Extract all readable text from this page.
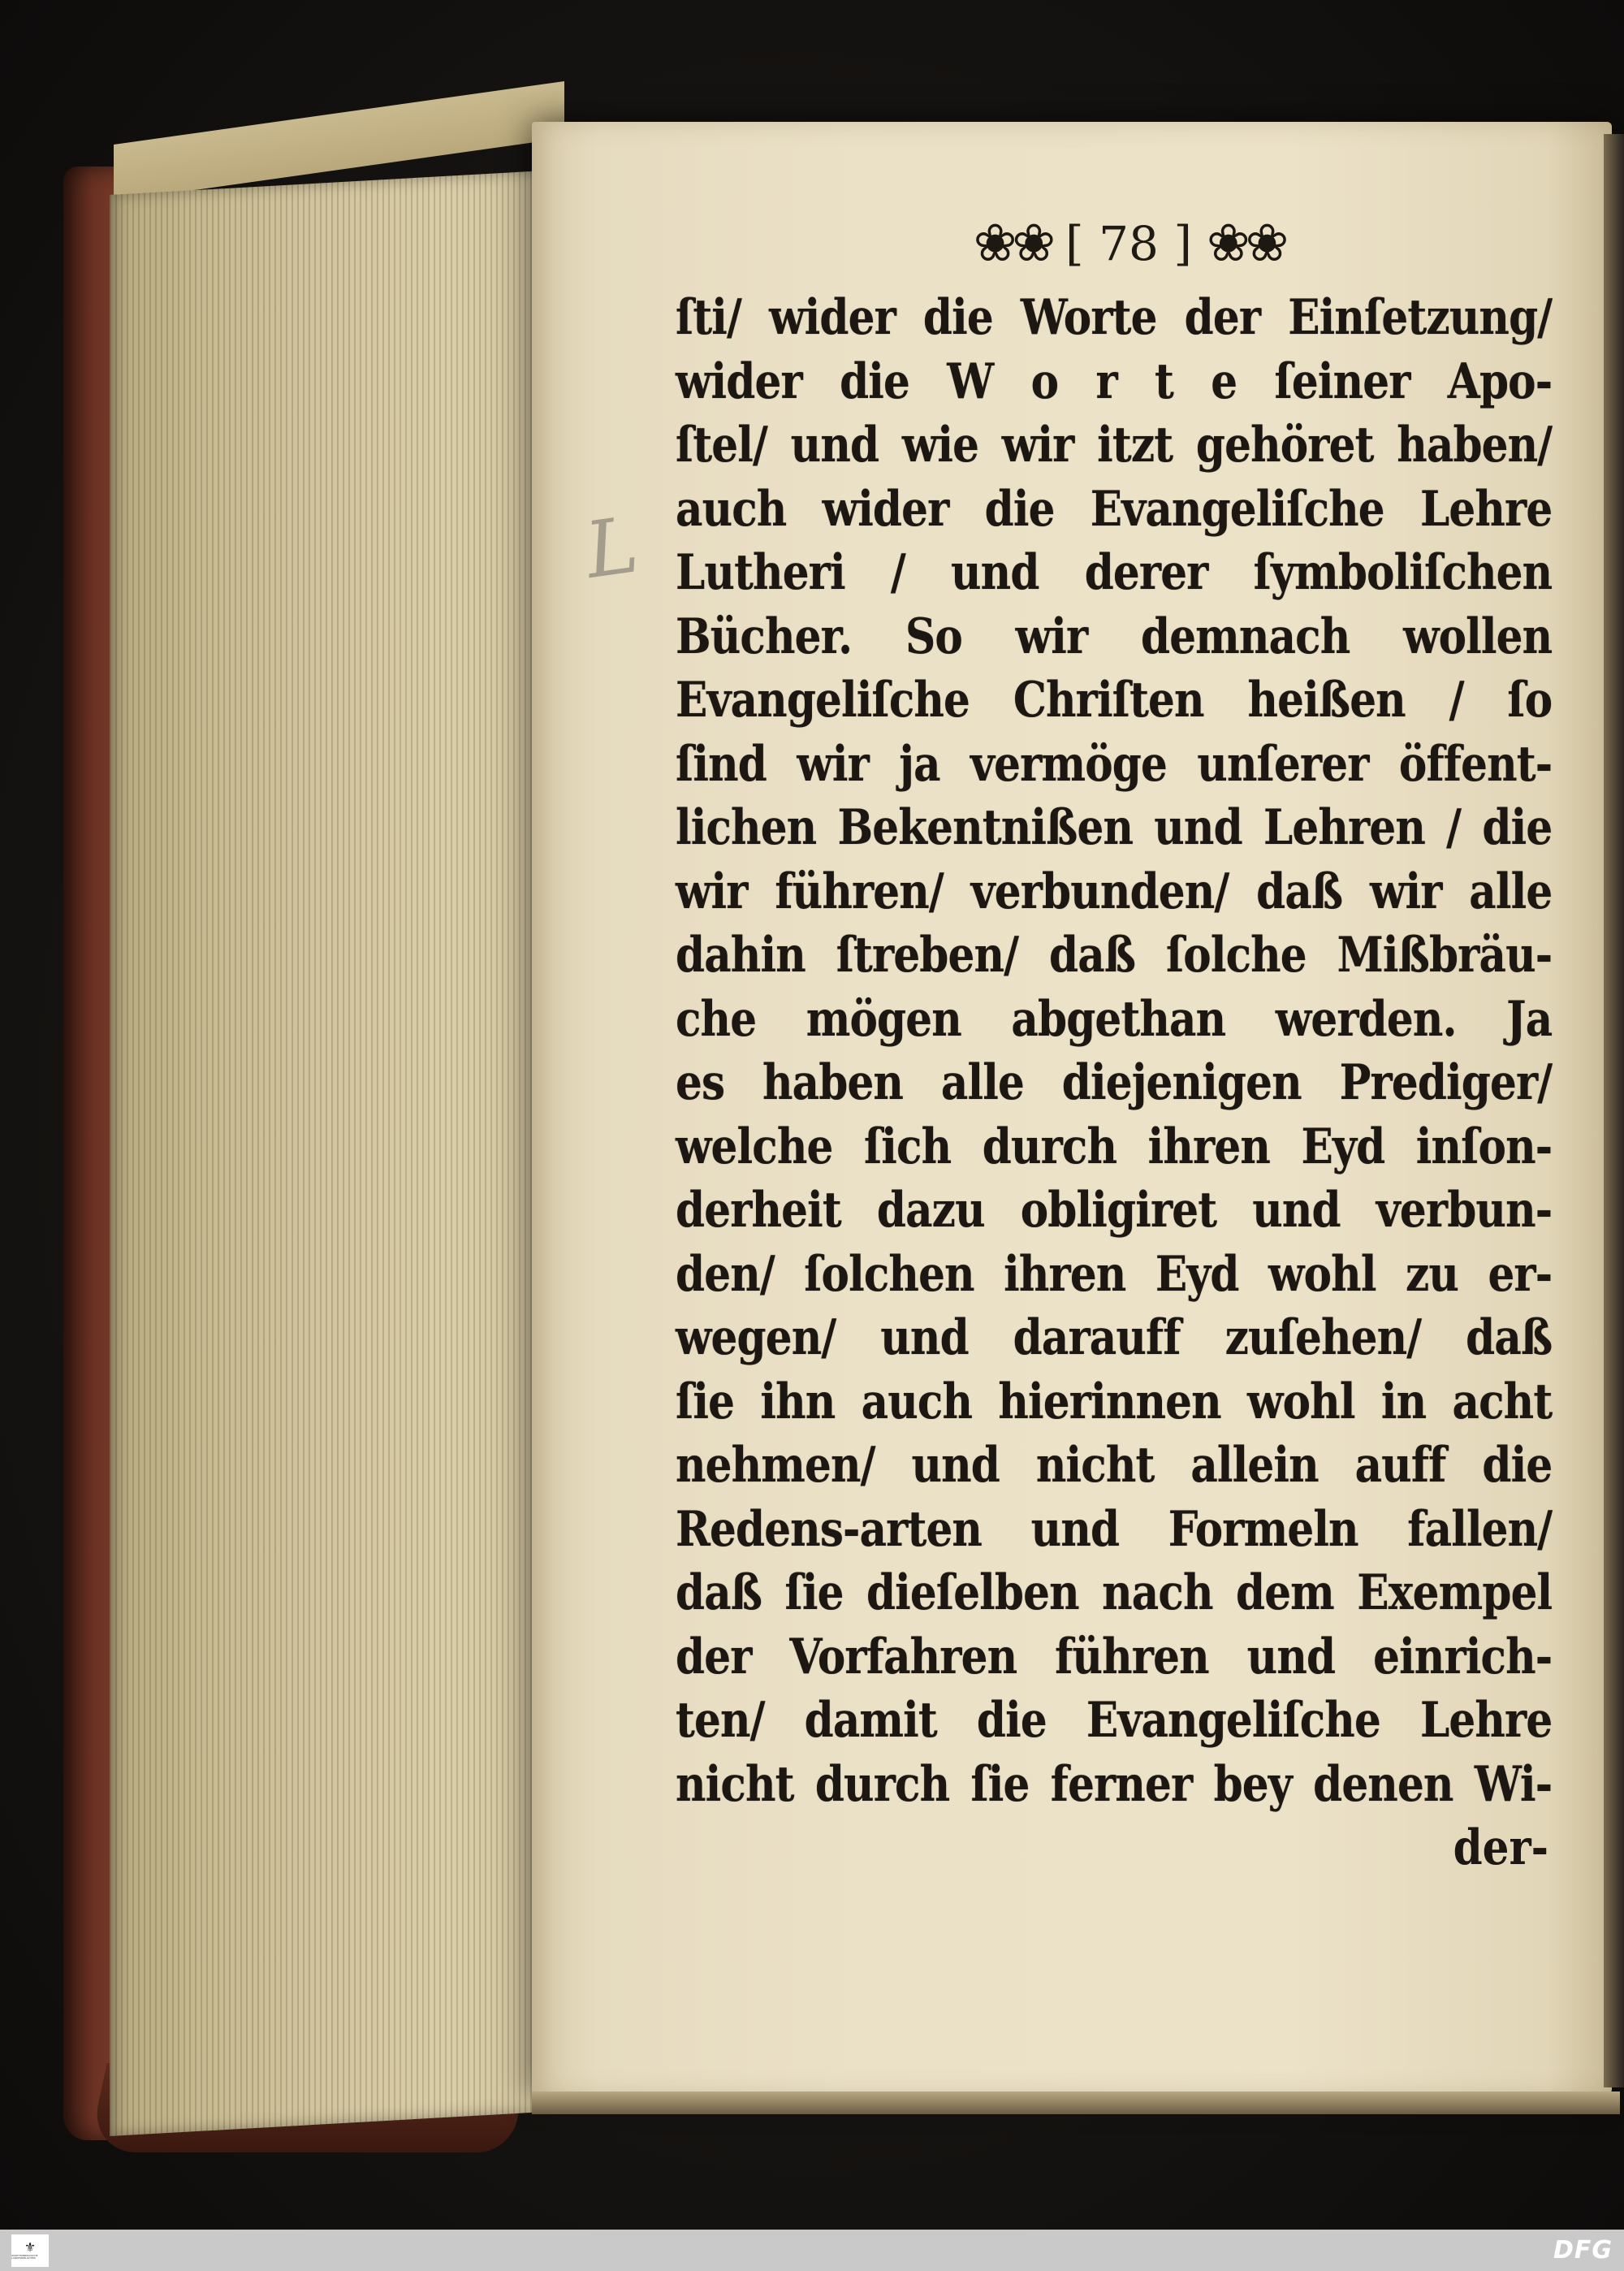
L
❀❀ [ 78 ] ❀❀
ſti/ wider die Worte der Einſetzung/
wider die W o r t e ſeiner Apo-
ſtel/ und wie wir itzt gehöret haben/
auch wider die Evangeliſche Lehre
Lutheri / und derer ſymboliſchen
Bücher. So wir demnach wollen
Evangeliſche Chriſten heißen / ſo
ſind wir ja vermöge unſerer öffent-
lichen Bekentnißen und Lehren / die
wir führen/ verbunden/ daß wir alle
dahin ſtreben/ daß ſolche Mißbräu-
che mögen abgethan werden. Ja
es haben alle diejenigen Prediger/
welche ſich durch ihren Eyd inſon-
derheit dazu obligiret und verbun-
den/ ſolchen ihren Eyd wohl zu er-
wegen/ und darauff zuſehen/ daß
ſie ihn auch hierinnen wohl in acht
nehmen/ und nicht allein auff die
Redens-arten und Formeln fallen/
daß ſie dieſelben nach dem Exempel
der Vorfahren führen und einrich-
ten/ damit die Evangeliſche Lehre
nicht durch ſie ferner bey denen Wi-
der-
⚜
WÜRTTEMBERGISCHE LANDESBIBLIOTHEK	DFG
